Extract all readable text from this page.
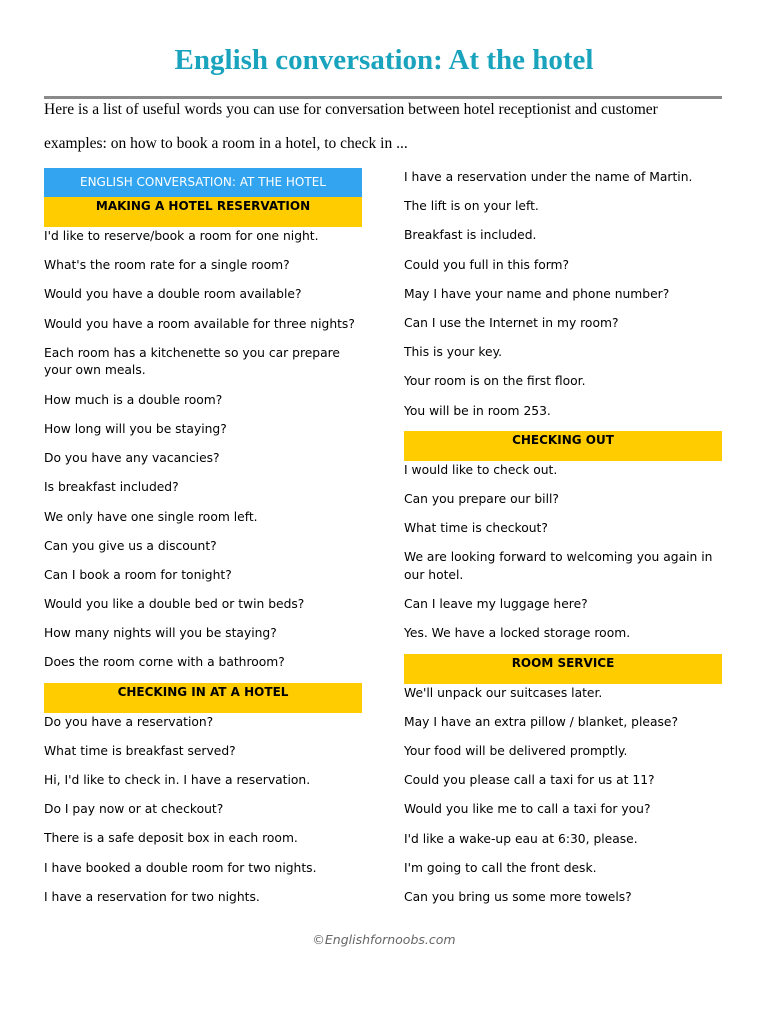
English conversation: At the hotel
Here is a list of useful words you can use for conversation between hotel receptionist and customer
examples: on how to book a room in a hotel, to check in ...
ENGLISH CONVERSATION: AT THE HOTEL
MAKING A HOTEL RESERVATION
I'd like to reserve/book a room for one night.
What's the room rate for a single room?
Would you have a double room available?
Would you have a room available for three nights?
Each room has a kitchenette so you car prepare your own meals.
How much is a double room?
How long will you be staying?
Do you have any vacancies?
Is breakfast included?
We only have one single room left.
Can you give us a discount?
Can I book a room for tonight?
Would you like a double bed or twin beds?
How many nights will you be staying?
Does the room corne with a bathroom?
CHECKING IN AT A HOTEL
Do you have a reservation?
What time is breakfast served?
Hi, I'd like to check in. I have a reservation.
Do I pay now or at checkout?
There is a safe deposit box in each room.
I have booked a double room for two nights.
I have a reservation for two nights.
I have a reservation under the name of Martin.
The lift is on your left.
Breakfast is included.
Could you full in this form?
May I have your name and phone number?
Can I use the Internet in my room?
This is your key.
Your room is on the first floor.
You will be in room 253.
CHECKING OUT
I would like to check out.
Can you prepare our bill?
What time is checkout?
We are looking forward to welcoming you again in our hotel.
Can I leave my luggage here?
Yes. We have a locked storage room.
ROOM SERVICE
We'll unpack our suitcases later.
May I have an extra pillow / blanket, please?
Your food will be delivered promptly.
Could you please call a taxi for us at 11?
Would you like me to call a taxi for you?
I'd like a wake-up eau at 6:30, please.
I'm going to call the front desk.
Can you bring us some more towels?
©Englishfornoobs.com
